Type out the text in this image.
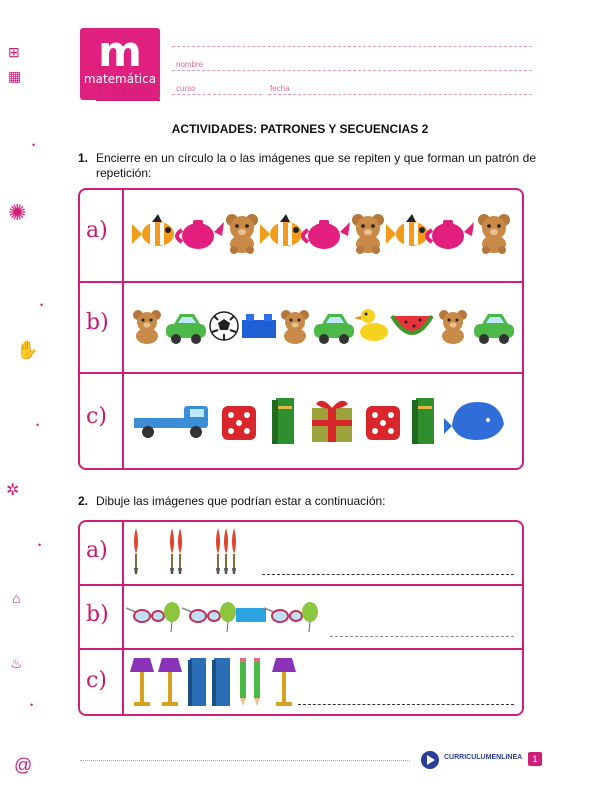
⊞
▦
✺
✋
✲
⌂
♨
@
•
•
•
•
•
m
matemática
1º básico
nombre
curso	fecha
ACTIVIDADES: PATRONES Y SECUENCIAS 2
1. Encierre en un círculo la o las imágenes que se repiten y que forman un patrón de repetición:
a)
b)
c)
2. Dibuje las imágenes que podrían estar a continuación:
a)
b)
c)
CURRICULUMENLINEA	1
